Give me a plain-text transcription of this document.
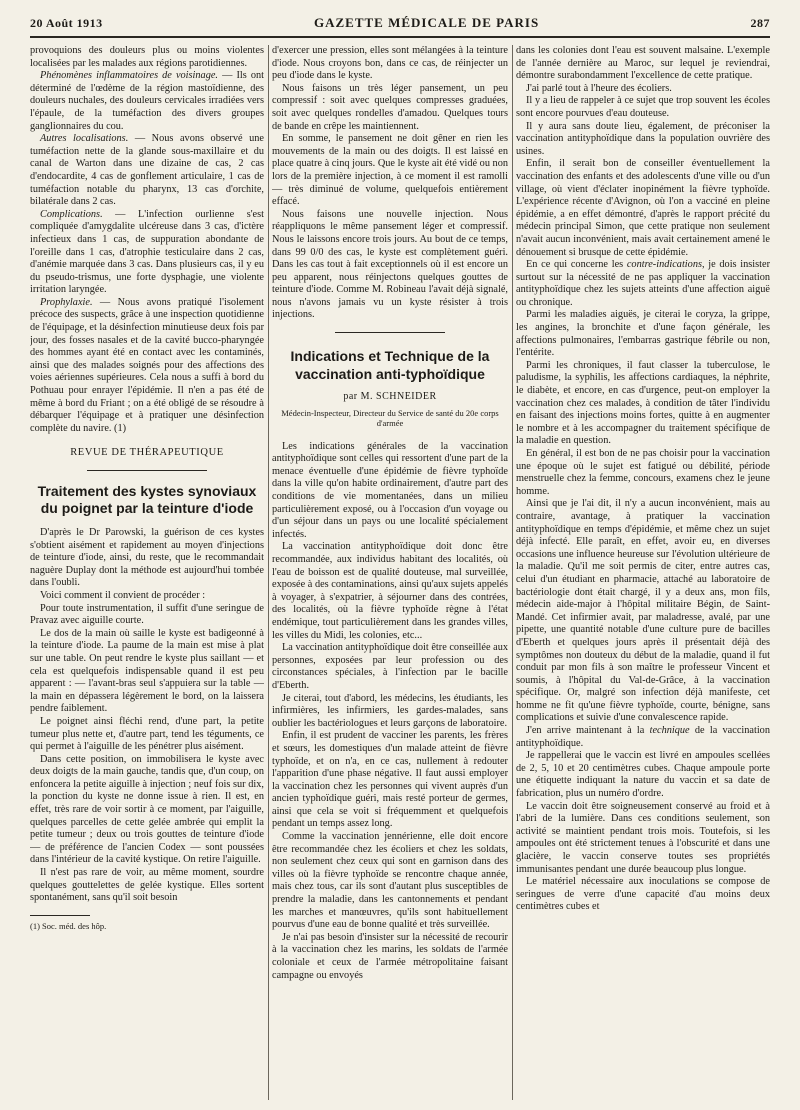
20 Août 1913	GAZETTE MÉDICALE DE PARIS	287

provoquions des douleurs plus ou moins violentes localisées par les malades aux régions parotidiennes.

Phénomènes inflammatoires de voisinage. — Ils ont déterminé de l'œdème de la région mastoïdienne, des douleurs nuchales, des douleurs cervicales irradiées vers l'épaule, de la tuméfaction des divers groupes ganglionnaires du cou.

Autres localisations. — Nous avons observé une tuméfaction nette de la glande sous-maxillaire et du canal de Warton dans une dizaine de cas, 2 cas d'endocardite, 4 cas de gonflement articulaire, 1 cas de tuméfaction notable du pharynx, 13 cas d'orchite, bilatérale dans 2 cas.

Complications. — L'infection ourlienne s'est compliquée d'amygdalite ulcéreuse dans 3 cas, d'ictère infectieux dans 1 cas, de suppuration abondante de l'oreille dans 1 cas, d'atrophie testiculaire dans 2 cas, d'anémie marquée dans 3 cas. Dans plusieurs cas, il y eu du pseudo-trismus, une forte dysphagie, une violente irritation laryngée.

Prophylaxie. — Nous avons pratiqué l'isolement précoce des suspects, grâce à une inspection quotidienne de l'équipage, et la désinfection minutieuse deux fois par jour, des fosses nasales et de la cavité bucco-pharyngée des hommes ayant été en contact avec les contaminés, ainsi que des malades soignés pour des affections des voies aériennes supérieures. Cela nous a suffi à bord du Pothuau pour enrayer l'épidémie. Il n'en a pas été de même à bord du Friant ; on a été obligé de se résoudre à débarquer l'équipage et à pratiquer une désinfection complète du navire. (1)

REVUE DE THÉRAPEUTIQUE
Traitement des kystes synoviaux du poignet par la teinture d'iode

D'après le Dr Parowski, la guérison de ces kystes s'obtient aisément et rapidement au moyen d'injections de teinture d'iode, ainsi, du reste, que le recommandait naguère Duplay dont la méthode est aujourd'hui tombée dans l'oubli.

Voici comment il convient de procéder :

Pour toute instrumentation, il suffit d'une seringue de Pravaz avec aiguille courte.

Le dos de la main où saille le kyste est badigeonné à la teinture d'iode. La paume de la main est mise à plat sur une table. On peut rendre le kyste plus saillant — et cela est quelquefois indispensable quand il est peu apparent : — l'avant-bras seul s'appuiera sur la table — la main en dépassera légèrement le bord, on la laissera pendre faiblement.

Le poignet ainsi fléchi rend, d'une part, la petite tumeur plus nette et, d'autre part, tend les téguments, ce qui permet à l'aiguille de les pénétrer plus aisément.

Dans cette position, on immobilisera le kyste avec deux doigts de la main gauche, tandis que, d'un coup, on enfoncera la petite aiguille à injection ; neuf fois sur dix, la ponction du kyste ne donne issue à rien. Il est, en effet, très rare de voir sortir à ce moment, par l'aiguille, quelques parcelles de cette gelée ambrée qui emplit la petite tumeur ; deux ou trois gouttes de teinture d'iode — de préférence de l'ancien Codex — sont poussées dans l'intérieur de la cavité kystique. On retire l'aiguille.

Il n'est pas rare de voir, au même moment, sourdre quelques gouttelettes de gelée kystique. Elles sortent spontanément, sans qu'il soit besoin

(1) Soc. méd. des hôp.

d'exercer une pression, elles sont mélangées à la teinture d'iode. Nous croyons bon, dans ce cas, de réinjecter un peu d'iode dans le kyste.

Nous faisons un très léger pansement, un peu compressif : soit avec quelques compresses graduées, soit avec quelques rondelles d'amadou. Quelques tours de bande en crêpe les maintiennent.

En somme, le pansement ne doit gêner en rien les mouvements de la main ou des doigts. Il est laissé en place quatre à cinq jours. Que le kyste ait été vidé ou non lors de la première injection, à ce moment il est ramolli — très diminué de volume, quelquefois entièrement effacé.

Nous faisons une nouvelle injection. Nous réappliquons le même pansement léger et compressif. Nous le laissons encore trois jours. Au bout de ce temps, dans 99 0/0 des cas, le kyste est complètement guéri. Dans les cas tout à fait exceptionnels où il est encore un peu apparent, nous réinjectons quelques gouttes de teinture d'iode. Comme M. Robineau l'avait déjà signalé, nous n'avons jamais vu un kyste résister à trois injections.

Indications et Technique de la vaccination anti-typhoïdique
par M. SCHNEIDER
Médecin-Inspecteur, Directeur du Service de santé du 20e corps d'armée

Les indications générales de la vaccination antityphoïdique sont celles qui ressortent d'une part de la menace éventuelle d'une épidémie de fièvre typhoïde dans la ville qu'on habite ordinairement, d'autre part des conditions de vie momentanées, dans un milieu particulièrement exposé, ou à l'occasion d'un voyage ou d'un séjour dans un pays ou une localité spécialement infectés.

La vaccination antityphoïdique doit donc être recommandée, aux individus habitant des localités, où l'eau de boisson est de qualité douteuse, mal surveillée, exposée à des contaminations, ainsi qu'aux sujets appelés à voyager, à s'expatrier, à séjourner dans des contrées, des localités, où la fièvre typhoïde règne à l'état endémique, tout particulièrement dans les grandes villes, les villes du Midi, les colonies, etc...

La vaccination antityphoïdique doit être conseillée aux personnes, exposées par leur profession ou des circonstances spéciales, à l'infection par le bacille d'Eberth.

Je citerai, tout d'abord, les médecins, les étudiants, les infirmières, les infirmiers, les gardes-malades, sans oublier les bactériologues et leurs garçons de laboratoire.

Enfin, il est prudent de vacciner les parents, les frères et sœurs, les domestiques d'un malade atteint de fièvre typhoïde, et on n'a, en ce cas, nullement à redouter l'apparition d'une phase négative. Il faut aussi employer la vaccination chez les personnes qui vivent auprès d'un ancien typhoïdique guéri, mais resté porteur de germes, ainsi que cela se voit si fréquemment et quelquefois pendant un temps assez long.

Comme la vaccination jennérienne, elle doit encore être recommandée chez les écoliers et chez les soldats, non seulement chez ceux qui sont en garnison dans des villes où la fièvre typhoïde se rencontre chaque année, mais chez tous, car ils sont d'autant plus susceptibles de prendre la maladie, dans les cantonnements et pendant les marches et manœuvres, qu'ils sont habituellement pourvus d'une eau de bonne qualité et très surveillée.

Je n'ai pas besoin d'insister sur la nécessité de recourir à la vaccination chez les marins, les soldats de l'armée coloniale et ceux de l'armée métropolitaine faisant campagne ou envoyés

dans les colonies dont l'eau est souvent malsaine. L'exemple de l'année dernière au Maroc, sur lequel je reviendrai, démontre surabondamment l'excellence de cette pratique.

J'ai parlé tout à l'heure des écoliers.

Il y a lieu de rappeler à ce sujet que trop souvent les écoles sont encore pourvues d'eau douteuse.

Il y aura sans doute lieu, également, de préconiser la vaccination antityphoïdique dans la population ouvrière des usines.

Enfin, il serait bon de conseiller éventuellement la vaccination des enfants et des adolescents d'une ville ou d'un village, où vient d'éclater inopinément la fièvre typhoïde. L'expérience récente d'Avignon, où l'on a vacciné en pleine épidémie, a en effet démontré, d'après le rapport précité du médecin principal Simon, que cette pratique non seulement n'avait aucun inconvénient, mais avait certainement amené le dénouement si brusque de cette épidémie.

En ce qui concerne les contre-indications, je dois insister surtout sur la nécessité de ne pas appliquer la vaccination antityphoïdique chez les sujets atteints d'une affection aiguë ou chronique.

Parmi les maladies aiguës, je citerai le coryza, la grippe, les angines, la bronchite et d'une façon générale, les affections pulmonaires, l'embarras gastrique fébrile ou non, l'entérite.

Parmi les chroniques, il faut classer la tuberculose, le paludisme, la syphilis, les affections cardiaques, la néphrite, le diabète, et encore, en cas d'urgence, peut-on employer la vaccination chez ces malades, à condition de tâter l'individu en faisant des injections moins fortes, quitte à en augmenter le nombre et à les accompagner du traitement spécifique de la maladie en question.

En général, il est bon de ne pas choisir pour la vaccination une époque où le sujet est fatigué ou débilité, période menstruelle chez la femme, concours, examens chez le jeune homme.

Ainsi que je l'ai dit, il n'y a aucun inconvénient, mais au contraire, avantage, à pratiquer la vaccination antityphoïdique en temps d'épidémie, et même chez un sujet déjà infecté. Elle paraît, en effet, avoir eu, en diverses occasions une influence heureuse sur l'évolution ultérieure de la maladie. Qu'il me soit permis de citer, entre autres cas, celui d'un étudiant en pharmacie, attaché au laboratoire de bactériologie dont était chargé, il y a deux ans, mon fils, médecin aide-major à l'hôpital militaire Bégin, de Saint-Mandé. Cet infirmier avait, par maladresse, avalé, par une pipette, une quantité notable d'une culture pure de bacilles d'Eberth et quelques jours après il présentait déjà des symptômes non douteux du début de la maladie, quand il fut conduit par mon fils à son maître le professeur Vincent et soumis, à l'hôpital du Val-de-Grâce, à la vaccination spécifique. Or, malgré son infection déjà manifeste, cet homme ne fit qu'une fièvre typhoïde, courte, bénigne, sans complications et suivie d'une convalescence rapide.

J'en arrive maintenant à la technique de la vaccination antityphoïdique.

Je rappellerai que le vaccin est livré en ampoules scellées de 2, 5, 10 et 20 centimètres cubes. Chaque ampoule porte une étiquette indiquant la nature du vaccin et sa date de fabrication, plus un numéro d'ordre.

Le vaccin doit être soigneusement conservé au froid et à l'abri de la lumière. Dans ces conditions seulement, son activité se maintient pendant trois mois. Toutefois, si les ampoules ont été strictement tenues à l'obscurité et dans une glacière, le vaccin conserve toutes ses propriétés immunisantes pendant une durée beaucoup plus longue.

Le matériel nécessaire aux inoculations se compose de seringues de verre d'une capacité d'au moins deux centimètres cubes et
